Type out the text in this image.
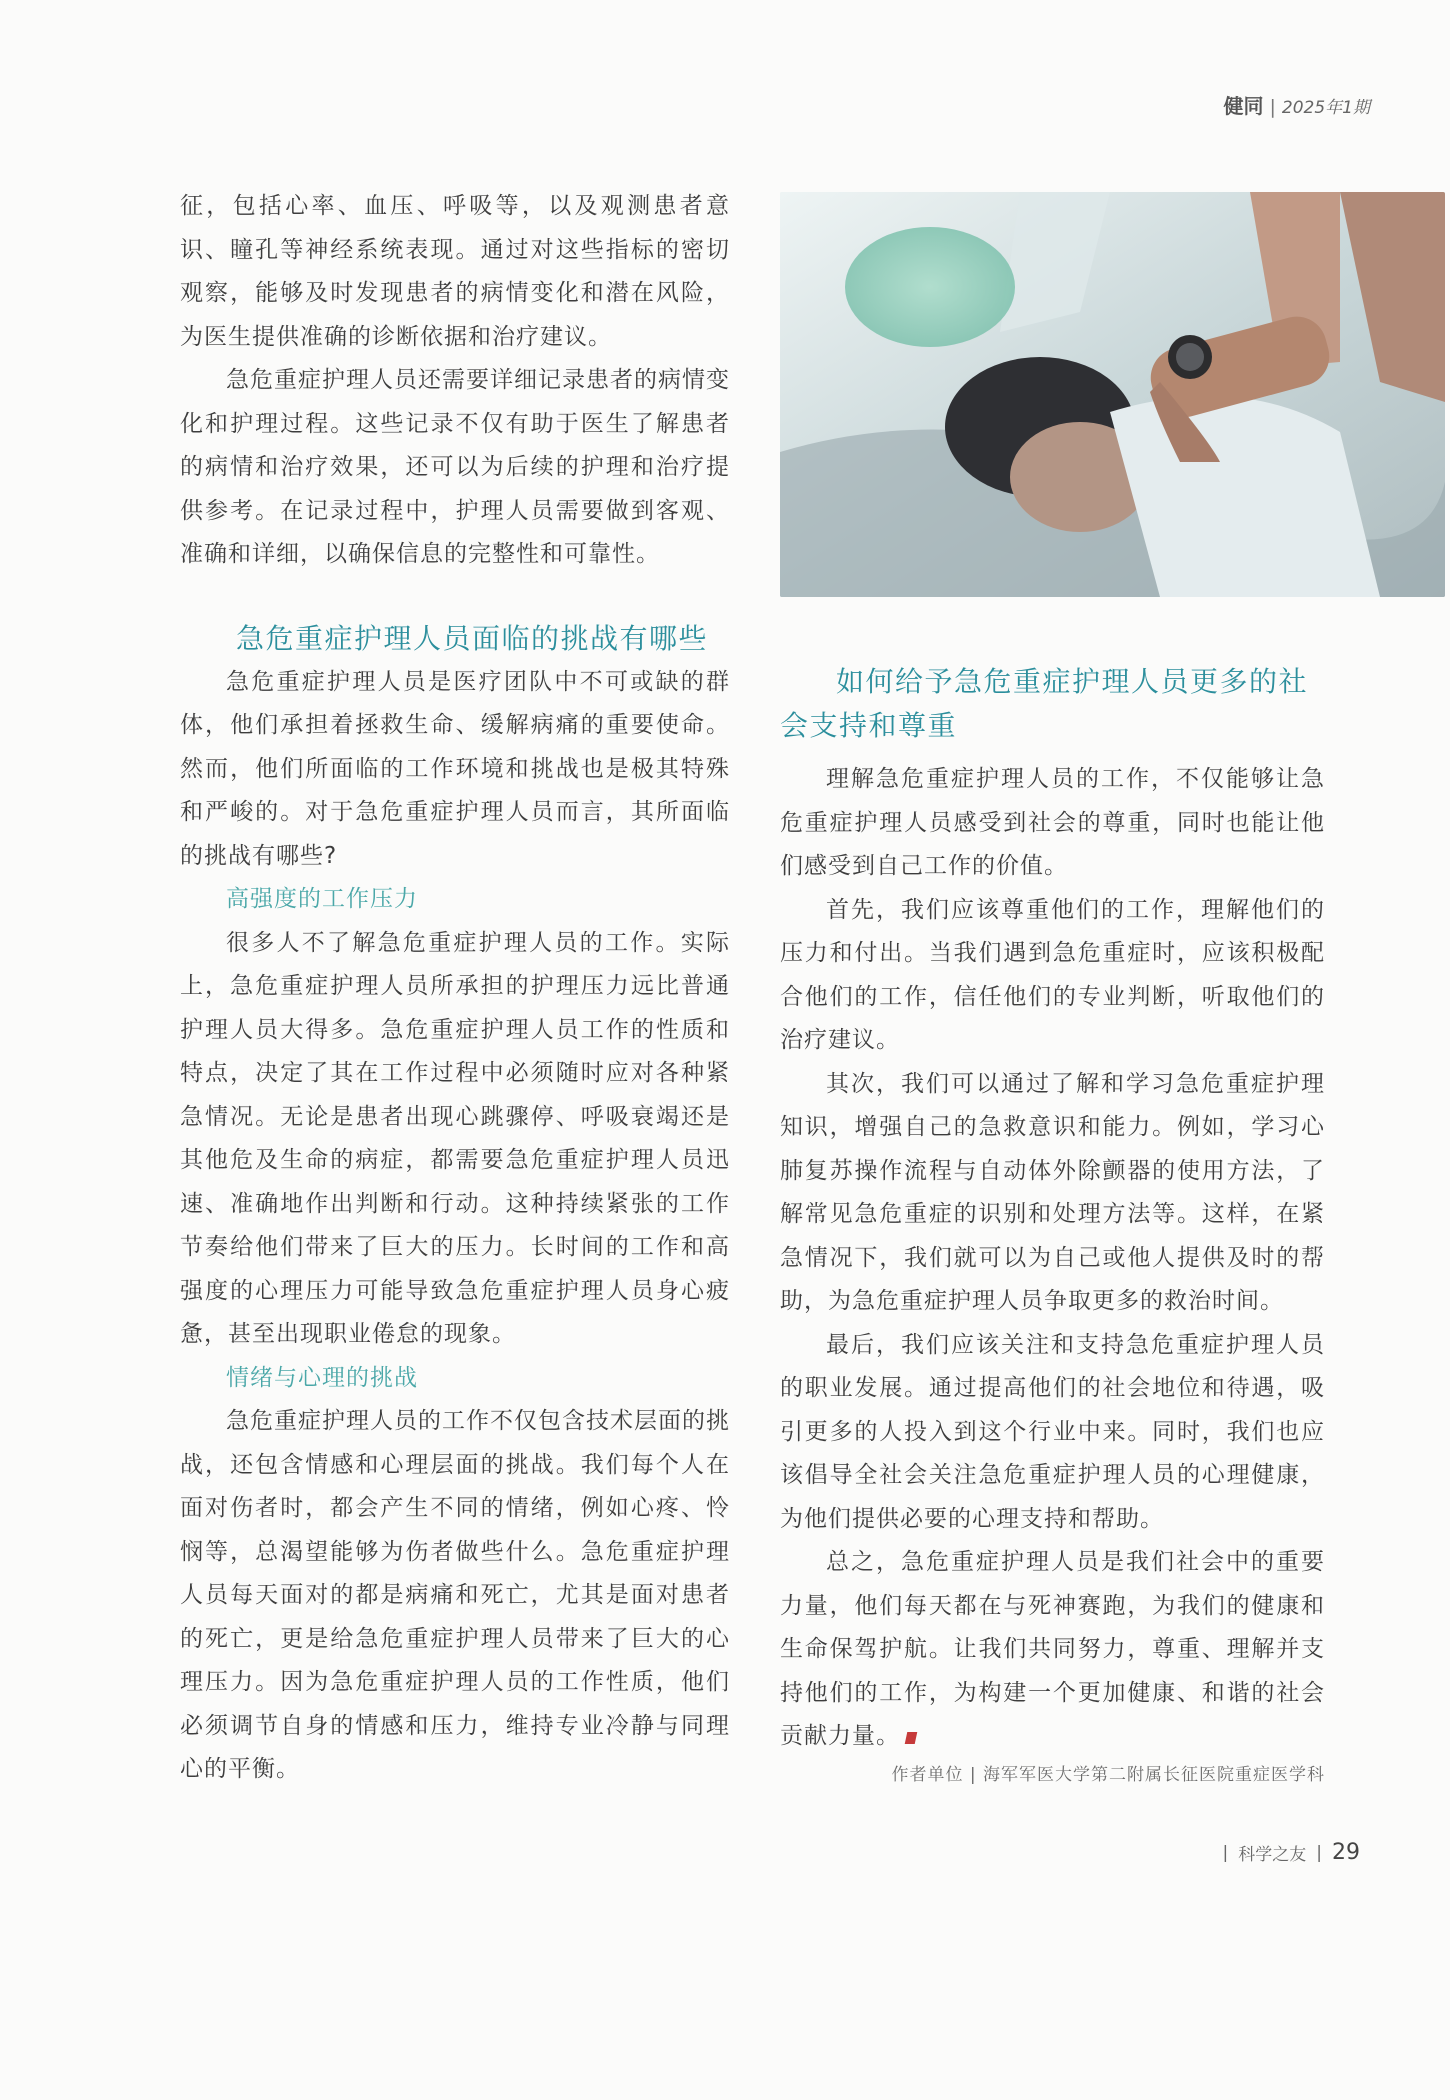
健同 | 2025年1期

征，包括心率、血压、呼吸等，以及观测患者意识、瞳孔等神经系统表现。通过对这些指标的密切观察，能够及时发现患者的病情变化和潜在风险，为医生提供准确的诊断依据和治疗建议。

急危重症护理人员还需要详细记录患者的病情变化和护理过程。这些记录不仅有助于医生了解患者的病情和治疗效果，还可以为后续的护理和治疗提供参考。在记录过程中，护理人员需要做到客观、准确和详细，以确保信息的完整性和可靠性。

急危重症护理人员面临的挑战有哪些

急危重症护理人员是医疗团队中不可或缺的群体，他们承担着拯救生命、缓解病痛的重要使命。然而，他们所面临的工作环境和挑战也是极其特殊和严峻的。对于急危重症护理人员而言，其所面临的挑战有哪些?

高强度的工作压力

很多人不了解急危重症护理人员的工作。实际上，急危重症护理人员所承担的护理压力远比普通护理人员大得多。急危重症护理人员工作的性质和特点，决定了其在工作过程中必须随时应对各种紧急情况。无论是患者出现心跳骤停、呼吸衰竭还是其他危及生命的病症，都需要急危重症护理人员迅速、准确地作出判断和行动。这种持续紧张的工作节奏给他们带来了巨大的压力。长时间的工作和高强度的心理压力可能导致急危重症护理人员身心疲惫，甚至出现职业倦怠的现象。

情绪与心理的挑战

急危重症护理人员的工作不仅包含技术层面的挑战，还包含情感和心理层面的挑战。我们每个人在面对伤者时，都会产生不同的情绪，例如心疼、怜悯等，总渴望能够为伤者做些什么。急危重症护理人员每天面对的都是病痛和死亡，尤其是面对患者的死亡，更是给急危重症护理人员带来了巨大的心理压力。因为急危重症护理人员的工作性质，他们必须调节自身的情感和压力，维持专业冷静与同理心的平衡。

如何给予急危重症护理人员更多的社会支持和尊重

理解急危重症护理人员的工作，不仅能够让急危重症护理人员感受到社会的尊重，同时也能让他们感受到自己工作的价值。

首先，我们应该尊重他们的工作，理解他们的压力和付出。当我们遇到急危重症时，应该积极配合他们的工作，信任他们的专业判断，听取他们的治疗建议。

其次，我们可以通过了解和学习急危重症护理知识，增强自己的急救意识和能力。例如，学习心肺复苏操作流程与自动体外除颤器的使用方法，了解常见急危重症的识别和处理方法等。这样，在紧急情况下，我们就可以为自己或他人提供及时的帮助，为急危重症护理人员争取更多的救治时间。

最后，我们应该关注和支持急危重症护理人员的职业发展。通过提高他们的社会地位和待遇，吸引更多的人投入到这个行业中来。同时，我们也应该倡导全社会关注急危重症护理人员的心理健康，为他们提供必要的心理支持和帮助。

总之，急危重症护理人员是我们社会中的重要力量，他们每天都在与死神赛跑，为我们的健康和生命保驾护航。让我们共同努力，尊重、理解并支持他们的工作，为构建一个更加健康、和谐的社会贡献力量。

作者单位 | 海军军医大学第二附属长征医院重症医学科
| 科学之友 | 29
